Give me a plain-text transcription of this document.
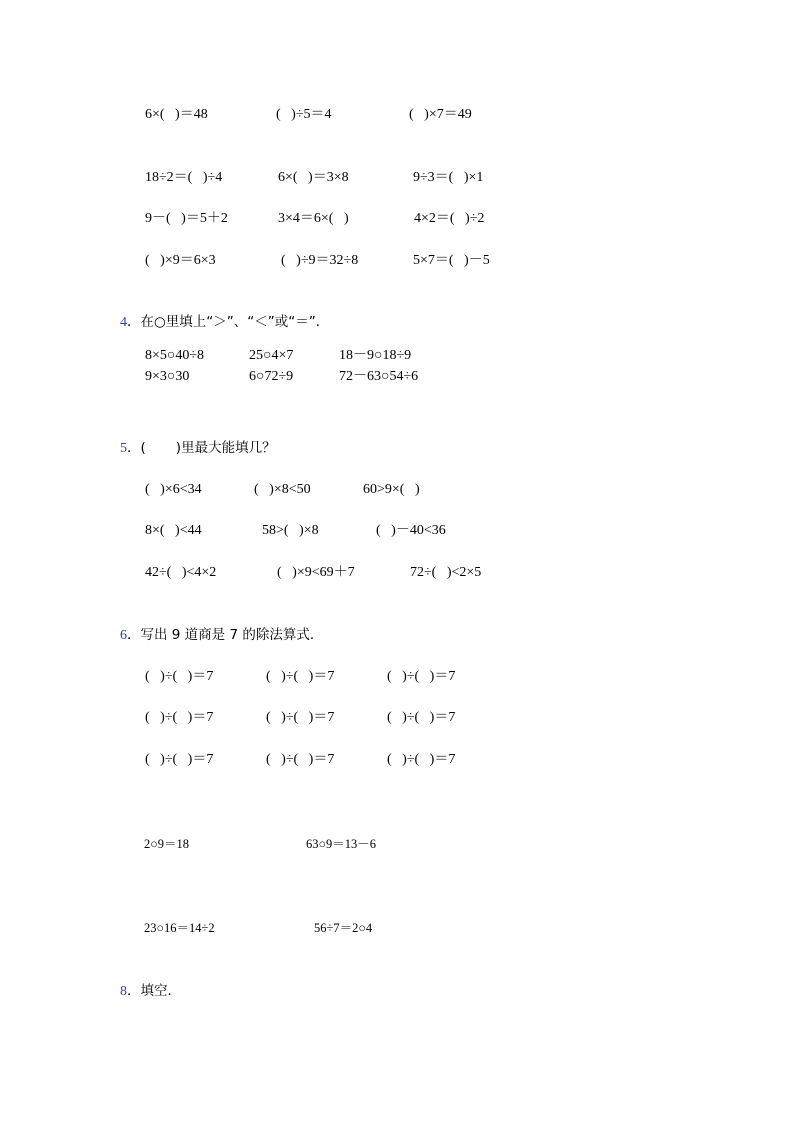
6×(   )＝48	(   )÷5＝4	(   )×7＝49
18÷2＝(   )÷4	6×(   )＝3×8	9÷3＝(   )×1
9－(   )＝5＋2	3×4＝6×(   )	4×2＝(   )÷2
(   )×9＝6×3	(   )÷9＝32÷8	5×7＝(   )－5
4．在○里填上“＞”、“＜”或“＝”．
8×5○40÷8	25○4×7	18－9○18÷9
9×3○30	6○72÷9	72－63○54÷6
5．(       )里最大能填几？
(   )×6<34	(   )×8<50	60>9×(   )
8×(   )<44	58>(   )×8	(   )－40<36
42÷(   )<4×2	(   )×9<69＋7	72÷(   )<2×5
6．写出 9 道商是 7 的除法算式．
(   )÷(   )＝7	(   )÷(   )＝7	(   )÷(   )＝7
(   )÷(   )＝7	(   )÷(   )＝7	(   )÷(   )＝7
(   )÷(   )＝7	(   )÷(   )＝7	(   )÷(   )＝7
2○9＝18	63○9＝13－6
23○16＝14÷2	56÷7＝2○4
8．填空．
